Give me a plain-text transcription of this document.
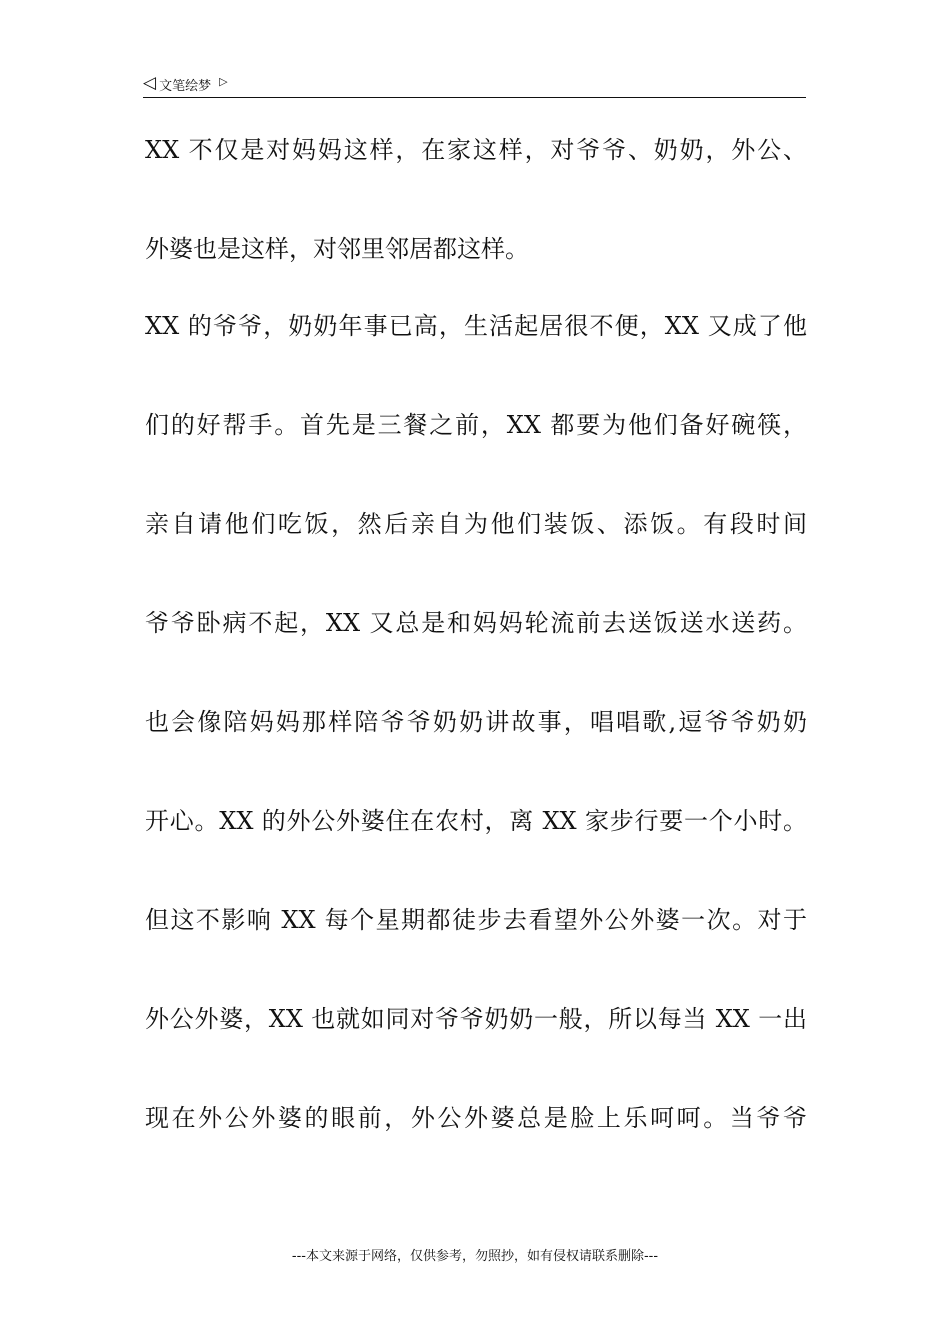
◁ 文笔绘梦 ▷
XX 不仅是对妈妈这样，在家这样，对爷爷、奶奶，外公、
外婆也是这样，对邻里邻居都这样。
XX 的爷爷，奶奶年事已高，生活起居很不便，XX 又成了他
们的好帮手。首先是三餐之前，XX 都要为他们备好碗筷，
亲自请他们吃饭，然后亲自为他们装饭、添饭。有段时间
爷爷卧病不起，XX 又总是和妈妈轮流前去送饭送水送药。
也会像陪妈妈那样陪爷爷奶奶讲故事，唱唱歌,逗爷爷奶奶
开心。XX 的外公外婆住在农村，离 XX 家步行要一个小时。
但这不影响 XX 每个星期都徒步去看望外公外婆一次。对于
外公外婆，XX 也就如同对爷爷奶奶一般，所以每当 XX 一出
现在外公外婆的眼前，外公外婆总是脸上乐呵呵。当爷爷
---本文来源于网络，仅供参考，勿照抄，如有侵权请联系删除---
